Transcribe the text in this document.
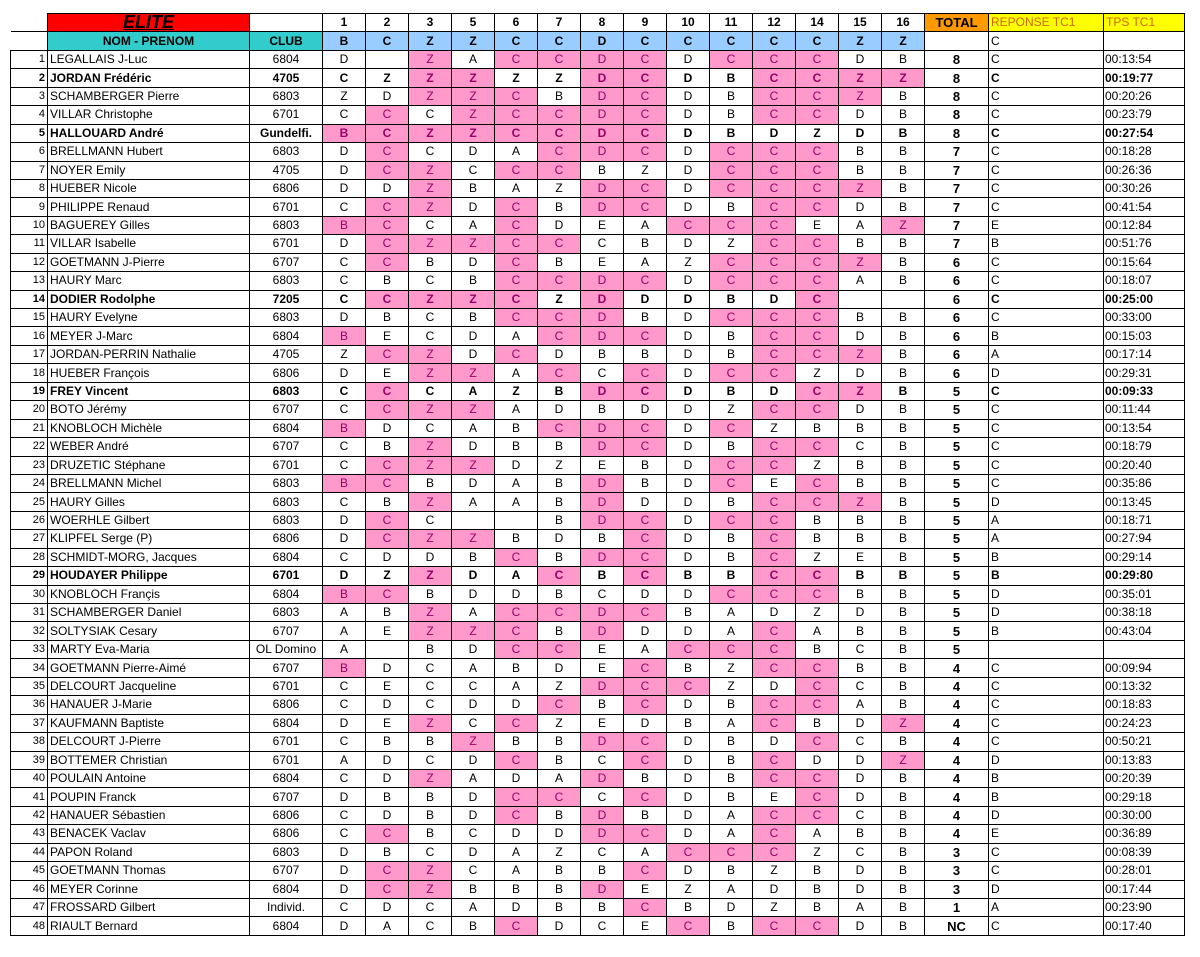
	ELITE		1	2	3	5	6	7	8	9	10	11	12	14	15	16	TOTAL	REPONSE TC1	TPS TC1
	NOM - PRENOM	CLUB	B	C	Z	Z	C	C	D	C	C	C	C	C	Z	Z		C	
1	LEGALLAIS J-Luc	6804	D		Z	A	C	C	D	C	D	C	C	C	D	B	8	C	00:13:54
2	JORDAN Frédéric	4705	C	Z	Z	Z	Z	Z	D	C	D	B	C	C	Z	Z	8	C	00:19:77
3	SCHAMBERGER Pierre	6803	Z	D	Z	Z	C	B	D	C	D	B	C	C	Z	B	8	C	00:20:26
4	VILLAR Christophe	6701	C	C	C	Z	C	C	D	C	D	B	C	C	D	B	8	C	00:23:79
5	HALLOUARD André	Gundelfi.	B	C	Z	Z	C	C	D	C	D	B	D	Z	D	B	8	C	00:27:54
6	BRELLMANN Hubert	6803	D	C	C	D	A	C	D	C	D	C	C	C	B	B	7	C	00:18:28
7	NOYER Emily	4705	D	C	Z	C	C	C	B	Z	D	C	C	C	B	B	7	C	00:26:36
8	HUEBER Nicole	6806	D	D	Z	B	A	Z	D	C	D	C	C	C	Z	B	7	C	00:30:26
9	PHILIPPE Renaud	6701	C	C	Z	D	C	B	D	C	D	B	C	C	D	B	7	C	00:41:54
10	BAGUEREY Gilles	6803	B	C	C	A	C	D	E	A	C	C	C	E	A	Z	7	E	00:12:84
11	VILLAR Isabelle	6701	D	C	Z	Z	C	C	C	B	D	Z	C	C	B	B	7	B	00:51:76
12	GOETMANN J-Pierre	6707	C	C	B	D	C	B	E	A	Z	C	C	C	Z	B	6	C	00:15:64
13	HAURY Marc	6803	C	B	C	B	C	C	D	C	D	C	C	C	A	B	6	C	00:18:07
14	DODIER Rodolphe	7205	C	C	Z	Z	C	Z	D	D	D	B	D	C			6	C	00:25:00
15	HAURY Evelyne	6803	D	B	C	B	C	C	D	B	D	C	C	C	B	B	6	C	00:33:00
16	MEYER J-Marc	6804	B	E	C	D	A	C	D	C	D	B	C	C	D	B	6	B	00:15:03
17	JORDAN-PERRIN Nathalie	4705	Z	C	Z	D	C	D	B	B	D	B	C	C	Z	B	6	A	00:17:14
18	HUEBER François	6806	D	E	Z	Z	A	C	C	C	D	C	C	Z	D	B	6	D	00:29:31
19	FREY Vincent	6803	C	C	C	A	Z	B	D	C	D	B	D	C	Z	B	5	C	00:09:33
20	BOTO Jérémy	6707	C	C	Z	Z	A	D	B	D	D	Z	C	C	D	B	5	C	00:11:44
21	KNOBLOCH Michèle	6804	B	D	C	A	B	C	D	C	D	C	Z	B	B	B	5	C	00:13:54
22	WEBER André	6707	C	B	Z	D	B	B	D	C	D	B	C	C	C	B	5	C	00:18:79
23	DRUZETIC Stéphane	6701	C	C	Z	Z	D	Z	E	B	D	C	C	Z	B	B	5	C	00:20:40
24	BRELLMANN Michel	6803	B	C	B	D	A	B	D	B	D	C	E	C	B	B	5	C	00:35:86
25	HAURY Gilles	6803	C	B	Z	A	A	B	D	D	D	B	C	C	Z	B	5	D	00:13:45
26	WOERHLE Gilbert	6803	D	C	C			B	D	C	D	C	C	B	B	B	5	A	00:18:71
27	KLIPFEL Serge (P)	6806	D	C	Z	Z	B	D	B	C	D	B	C	B	B	B	5	A	00:27:94
28	SCHMIDT-MORG, Jacques	6804	C	D	D	B	C	B	D	C	D	B	C	Z	E	B	5	B	00:29:14
29	HOUDAYER Philippe	6701	D	Z	Z	D	A	C	B	C	B	B	C	C	B	B	5	B	00:29:80
30	KNOBLOCH Françis	6804	B	C	B	D	D	B	C	D	D	C	C	C	B	B	5	D	00:35:01
31	SCHAMBERGER Daniel	6803	A	B	Z	A	C	C	D	C	B	A	D	Z	D	B	5	D	00:38:18
32	SOLTYSIAK Cesary	6707	A	E	Z	Z	C	B	D	D	D	A	C	A	B	B	5	B	00:43:04
33	MARTY Eva-Maria	OL Domino	A		B	D	C	C	E	A	C	C	C	B	C	B	5		
34	GOETMANN Pierre-Aimé	6707	B	D	C	A	B	D	E	C	B	Z	C	C	B	B	4	C	00:09:94
35	DELCOURT Jacqueline	6701	C	E	C	C	A	Z	D	C	C	Z	D	C	C	B	4	C	00:13:32
36	HANAUER J-Marie	6806	C	D	C	D	D	C	B	C	D	B	C	C	A	B	4	C	00:18:83
37	KAUFMANN Baptiste	6804	D	E	Z	C	C	Z	E	D	B	A	C	B	D	Z	4	C	00:24:23
38	DELCOURT J-Pierre	6701	C	B	B	Z	B	B	D	C	D	B	D	C	C	B	4	C	00:50:21
39	BOTTEMER Christian	6701	A	D	C	D	C	B	C	C	D	B	C	D	D	Z	4	D	00:13:83
40	POULAIN Antoine	6804	C	D	Z	A	D	A	D	B	D	B	C	C	D	B	4	B	00:20:39
41	POUPIN Franck	6707	D	B	B	D	C	C	C	C	D	B	E	C	D	B	4	B	00:29:18
42	HANAUER Sébastien	6806	C	D	B	D	C	B	D	B	D	A	C	C	C	B	4	D	00:30:00
43	BENACEK Vaclav	6806	C	C	B	C	D	D	D	C	D	A	C	A	B	B	4	E	00:36:89
44	PAPON Roland	6803	D	B	C	D	A	Z	C	A	C	C	C	Z	C	B	3	C	00:08:39
45	GOETMANN Thomas	6707	D	C	Z	C	A	B	B	C	D	B	Z	B	D	B	3	C	00:28:01
46	MEYER Corinne	6804	D	C	Z	B	B	B	D	E	Z	A	D	B	D	B	3	D	00:17:44
47	FROSSARD Gilbert	Individ.	C	D	C	A	D	B	B	C	B	D	Z	B	A	B	1	A	00:23:90
48	RIAULT Bernard	6804	D	A	C	B	C	D	C	E	C	B	C	C	D	B	NC	C	00:17:40
